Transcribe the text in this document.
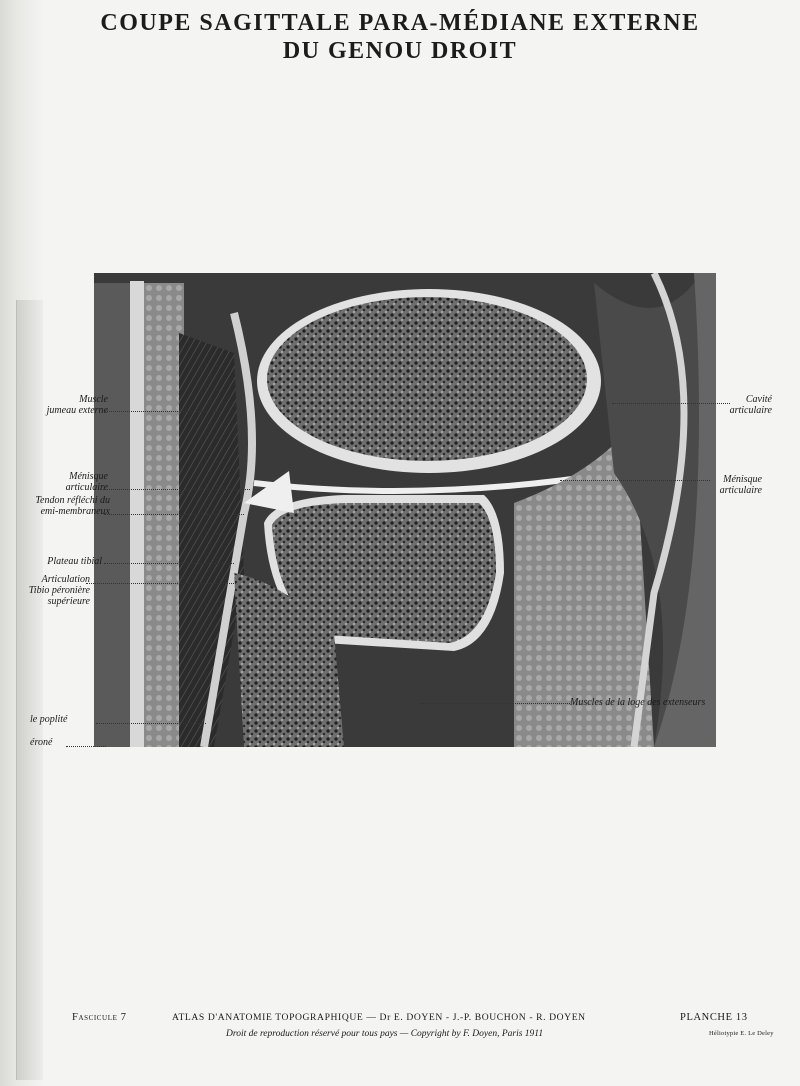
COUPE SAGITTALE PARA-MÉDIANE EXTERNE
DU GENOU DROIT
Muscle
jumeau externe
Ménisque
articulaire
Tendon réfléchi du
emi-membraneux
Plateau tibial
Articulation
Tibio péronière
supérieure
le poplité
éroné
Cavité
articulaire
Ménisque
articulaire
Muscles de la loge des extenseurs
Fascicule 7	ATLAS D'ANATOMIE TOPOGRAPHIQUE — Dr E. DOYEN - J.-P. BOUCHON - R. DOYEN	PLANCHE 13
Droit de reproduction réservé pour tous pays — Copyright by F. Doyen, Paris 1911	Héliotypie E. Le Deley
